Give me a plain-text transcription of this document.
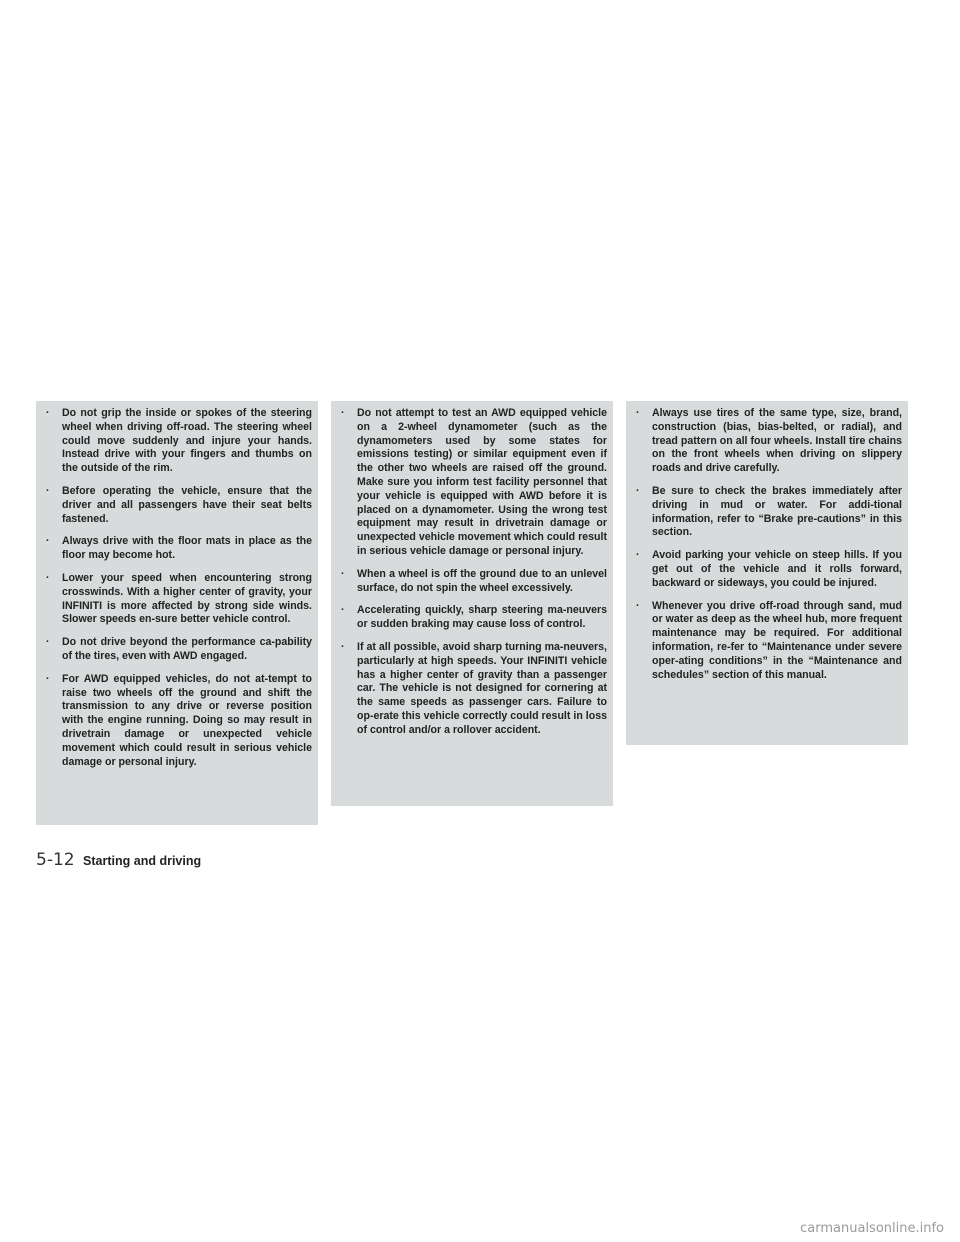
· Do not grip the inside or spokes of the steering wheel when driving off-road. The steering wheel could move suddenly and injure your hands. Instead drive with your fingers and thumbs on the outside of the rim.
· Before operating the vehicle, ensure that the driver and all passengers have their seat belts fastened.
· Always drive with the floor mats in place as the floor may become hot.
· Lower your speed when encountering strong crosswinds. With a higher center of gravity, your INFINITI is more affected by strong side winds. Slower speeds en-sure better vehicle control.
· Do not drive beyond the performance ca-pability of the tires, even with AWD engaged.
· For AWD equipped vehicles, do not at-tempt to raise two wheels off the ground and shift the transmission to any drive or reverse position with the engine running. Doing so may result in drivetrain damage or unexpected vehicle movement which could result in serious vehicle damage or personal injury.
· Do not attempt to test an AWD equipped vehicle on a 2-wheel dynamometer (such as the dynamometers used by some states for emissions testing) or similar equipment even if the other two wheels are raised off the ground. Make sure you inform test facility personnel that your vehicle is equipped with AWD before it is placed on a dynamometer. Using the wrong test equipment may result in drivetrain damage or unexpected vehicle movement which could result in serious vehicle damage or personal injury.
· When a wheel is off the ground due to an unlevel surface, do not spin the wheel excessively.
· Accelerating quickly, sharp steering ma-neuvers or sudden braking may cause loss of control.
· If at all possible, avoid sharp turning ma-neuvers, particularly at high speeds. Your INFINITI vehicle has a higher center of gravity than a passenger car. The vehicle is not designed for cornering at the same speeds as passenger cars. Failure to op-erate this vehicle correctly could result in loss of control and/or a rollover accident.
· Always use tires of the same type, size, brand, construction (bias, bias-belted, or radial), and tread pattern on all four wheels. Install tire chains on the front wheels when driving on slippery roads and drive carefully.
· Be sure to check the brakes immediately after driving in mud or water. For addi-tional information, refer to “Brake pre-cautions” in this section.
· Avoid parking your vehicle on steep hills. If you get out of the vehicle and it rolls forward, backward or sideways, you could be injured.
· Whenever you drive off-road through sand, mud or water as deep as the wheel hub, more frequent maintenance may be required. For additional information, re-fer to “Maintenance under severe oper-ating conditions” in the “Maintenance and schedules” section of this manual.
5-12 Starting and driving
carmanualsonline.info
